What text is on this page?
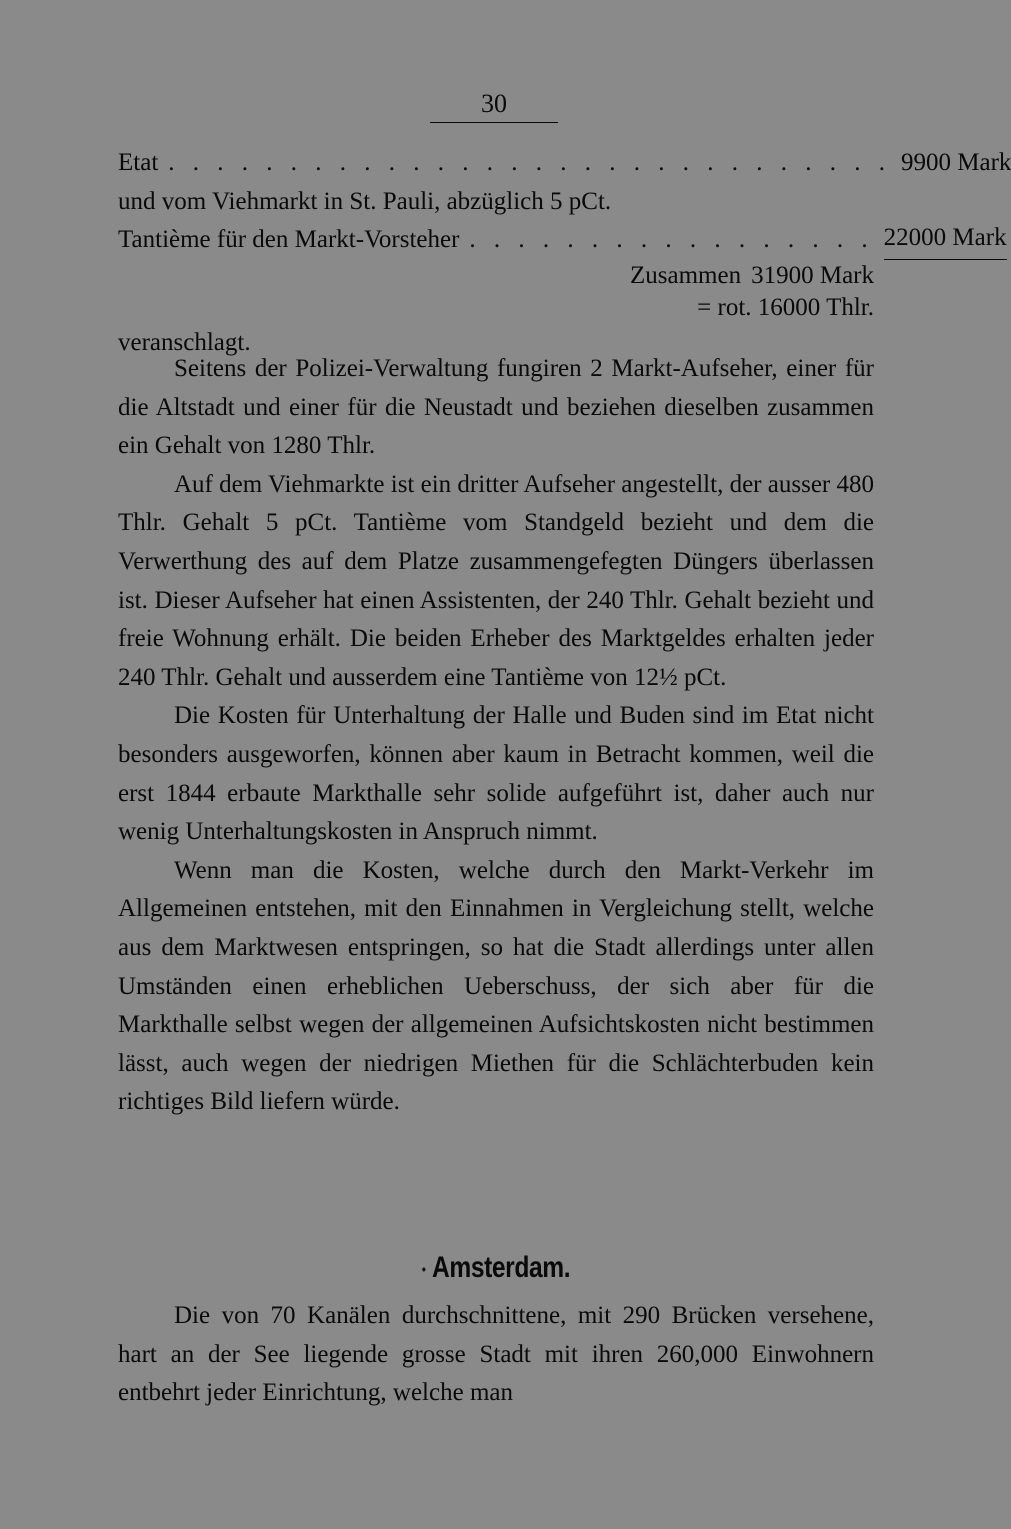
30
Etat . . . . . . . . . . . . . . . . . . . . . . . . . . . . . . 9900 Mark
und vom Viehmarkt in St. Pauli, abzüglich 5 pCt.
Tantième für den Markt-Vorsteher . . . . . . . . . . . . . . . . . 22000 Mark
Zusammen 31900 Mark
= rot. 16000 Thlr.
veranschlagt.

Seitens der Polizei-Verwaltung fungiren 2 Markt-Aufseher, einer für die Altstadt und einer für die Neustadt und beziehen dieselben zusammen ein Gehalt von 1280 Thlr.

Auf dem Viehmarkte ist ein dritter Aufseher angestellt, der ausser 480 Thlr. Gehalt 5 pCt. Tantième vom Standgeld bezieht und dem die Verwerthung des auf dem Platze zusammengefegten Düngers überlassen ist. Dieser Aufseher hat einen Assistenten, der 240 Thlr. Gehalt bezieht und freie Wohnung erhält. Die beiden Erheber des Marktgeldes erhalten jeder 240 Thlr. Gehalt und ausserdem eine Tantième von 12½ pCt.

Die Kosten für Unterhaltung der Halle und Buden sind im Etat nicht besonders ausgeworfen, können aber kaum in Betracht kommen, weil die erst 1844 erbaute Markthalle sehr solide aufgeführt ist, daher auch nur wenig Unterhaltungskosten in Anspruch nimmt.

Wenn man die Kosten, welche durch den Markt-Verkehr im Allgemeinen entstehen, mit den Einnahmen in Vergleichung stellt, welche aus dem Marktwesen entspringen, so hat die Stadt allerdings unter allen Umständen einen erheblichen Ueberschuss, der sich aber für die Markthalle selbst wegen der allgemeinen Aufsichtskosten nicht bestimmen lässt, auch wegen der niedrigen Miethen für die Schlächterbuden kein richtiges Bild liefern würde.

• Amsterdam.

Die von 70 Kanälen durchschnittene, mit 290 Brücken versehene, hart an der See liegende grosse Stadt mit ihren 260,000 Einwohnern entbehrt jeder Einrichtung, welche man
